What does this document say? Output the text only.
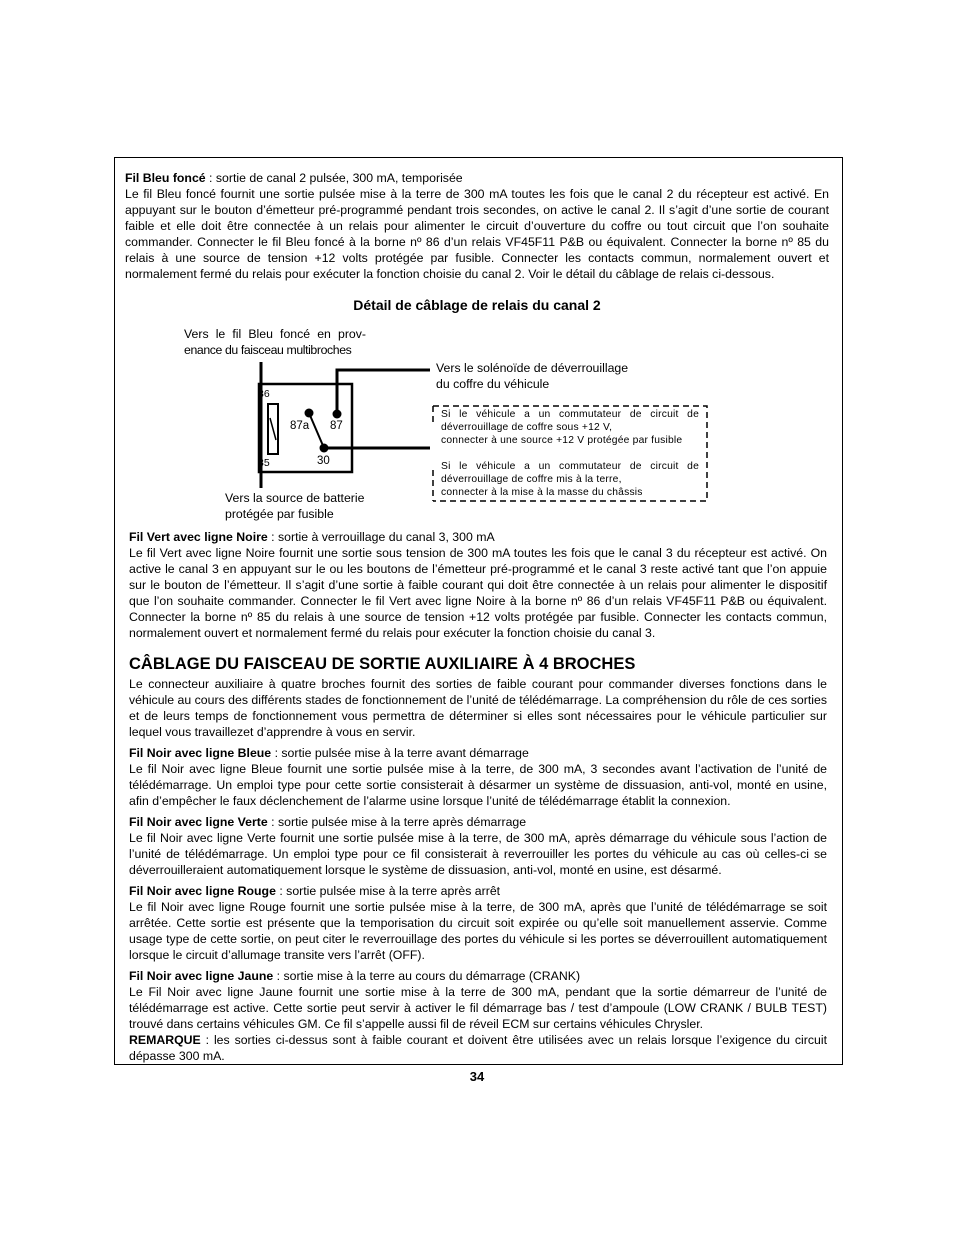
Fil Bleu foncé : sortie de canal 2 pulsée, 300 mA, temporisée

Le fil Bleu foncé fournit une sortie pulsée mise à la terre de 300 mA toutes les fois que le canal 2 du récepteur est activé. En appuyant sur le bouton d’émetteur pré-programmé pendant trois secondes, on active le canal 2. Il s’agit d’une sortie de courant faible et elle doit être connectée à un relais pour alimenter le circuit d’ouverture du coffre ou tout circuit que l’on souhaite commander. Connecter le fil Bleu foncé à la borne nº 86 d’un relais VF45F11 P&B ou équivalent. Connecter la borne nº 85 du relais à une source de tension +12 volts protégée par fusible. Connecter les contacts commun, normalement ouvert et normalement fermé du relais pour exécuter la fonction choisie du canal 2. Voir le détail du câblage de relais ci-dessous.

Détail de câblage de relais du canal 2
Vers le fil Bleu foncé en prov-
enance du faisceau multibroches
Vers le solénoïde de déverrouillage
du coffre du véhicule
Vers la source de batterie
protégée par fusible
86
85
87a 87
30
Si le véhicule a un commutateur de circuit de
déverrouillage de coffre sous +12 V,
connecter à une source +12 V protégée par fusible
Si le véhicule a un commutateur de circuit de
déverrouillage de coffre mis à la terre,
connecter à la mise à la masse du châssis

Fil Vert avec ligne Noire : sortie à verrouillage du canal 3, 300 mA

Le fil Vert avec ligne Noire fournit une sortie sous tension de 300 mA toutes les fois que le canal 3 du récepteur est activé. On active le canal 3 en appuyant sur le ou les boutons de l’émetteur pré-programmé et le canal 3 reste activé tant que l’on appuie sur le bouton de l’émetteur. Il s’agit d’une sortie à faible courant qui doit être connectée à un relais pour alimenter le dispositif que l’on souhaite commander. Connecter le fil Vert avec ligne Noire à la borne nº 86 d’un relais VF45F11 P&B ou équivalent. Connecter la borne nº 85 du relais à une source de tension +12 volts protégée par fusible. Connecter les contacts commun, normalement ouvert et normalement fermé du relais pour exécuter la fonction choisie du canal 3.

CÂBLAGE DU FAISCEAU DE SORTIE AUXILIAIRE À 4 BROCHES

Le connecteur auxiliaire à quatre broches fournit des sorties de faible courant pour commander diverses fonctions dans le véhicule au cours des différents stades de fonctionnement de l’unité de télédémarrage. La compréhension du rôle de ces sorties et de leurs temps de fonctionnement vous permettra de déterminer si elles sont nécessaires pour le véhicule particulier sur lequel vous travaillezet d’apprendre à vous en servir.

Fil Noir avec ligne Bleue : sortie pulsée mise à la terre avant démarrage

Le fil Noir avec ligne Bleue fournit une sortie pulsée mise à la terre, de 300 mA, 3 secondes avant l’activation de l’unité de télédémarrage. Un emploi type pour cette sortie consisterait à désarmer un système de dissuasion, anti-vol, monté en usine, afin d’empêcher le faux déclenchement de l’alarme usine lorsque l’unité de télédémarrage établit la connexion.

Fil Noir avec ligne Verte : sortie pulsée mise à la terre après démarrage

Le fil Noir avec ligne Verte fournit une sortie pulsée mise à la terre, de 300 mA, après démarrage du véhicule sous l’action de l’unité de télédémarrage. Un emploi type pour ce fil consisterait à reverrouiller les portes du véhicule au cas où celles-ci se déverrouilleraient automatiquement lorsque le système de dissuasion, anti-vol, monté en usine, est désarmé.

Fil Noir avec ligne Rouge : sortie pulsée mise à la terre après arrêt

Le fil Noir avec ligne Rouge fournit une sortie pulsée mise à la terre, de 300 mA, après que l’unité de télédémarrage se soit arrêtée. Cette sortie est présente que la temporisation du circuit soit expirée ou qu’elle soit manuellement asservie. Comme usage type de cette sortie, on peut citer le reverrouillage des portes du véhicule si les portes se déverrouillent automatiquement lorsque le circuit d’allumage transite vers l’arrêt (OFF).

Fil Noir avec ligne Jaune : sortie mise à la terre au cours du démarrage (CRANK)

Le Fil Noir avec ligne Jaune fournit une sortie mise à la terre de 300 mA, pendant que la sortie démarreur de l’unité de télédémarrage est active. Cette sortie peut servir à activer le fil démarrage bas / test d’ampoule (LOW CRANK / BULB TEST) trouvé dans certains véhicules GM. Ce fil s’appelle aussi fil de réveil ECM sur certains véhicules Chrysler.

REMARQUE : les sorties ci-dessus sont à faible courant et doivent être utilisées avec un relais lorsque l’exigence du circuit dépasse 300 mA.

34
